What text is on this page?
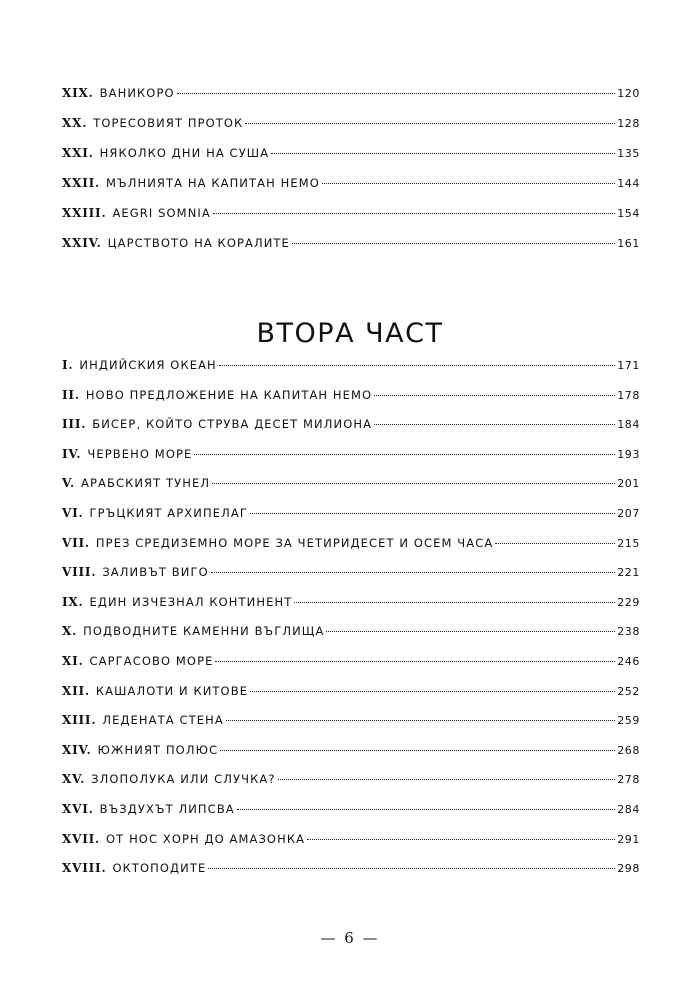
XIX. ВАНИКОРО	120
XX. ТОРЕСОВИЯТ ПРОТОК	128
XXI. НЯКОЛКО ДНИ НА СУША	135
XXII. МЪЛНИЯТА НА КАПИТАН НЕМО	144
XXIII. AEGRI SOMNIA	154
XXIV. ЦАРСТВОТО НА КОРАЛИТЕ	161
ВТОРА ЧАСТ
I. ИНДИЙСКИЯ ОКЕАН	171
II. НОВО ПРЕДЛОЖЕНИЕ НА КАПИТАН НЕМО	178
III. БИСЕР, КОЙТО СТРУВА ДЕСЕТ МИЛИОНА	184
IV. ЧЕРВЕНО МОРЕ	193
V. АРАБСКИЯТ ТУНЕЛ	201
VI. ГРЪЦКИЯТ АРХИПЕЛАГ	207
VII. ПРЕЗ СРЕДИЗЕМНО МОРЕ ЗА ЧЕТИРИДЕСЕТ И ОСЕМ ЧАСА	215
VIII. ЗАЛИВЪТ ВИГО	221
IX. ЕДИН ИЗЧЕЗНАЛ КОНТИНЕНТ	229
X. ПОДВОДНИТЕ КАМЕННИ ВЪГЛИЩА	238
XI. САРГАСОВО МОРЕ	246
XII. КАШАЛОТИ И КИТОВЕ	252
XIII. ЛЕДЕНАТА СТЕНА	259
XIV. ЮЖНИЯТ ПОЛЮС	268
XV. ЗЛОПОЛУКА ИЛИ СЛУЧКА?	278
XVI. ВЪЗДУХЪТ ЛИПСВА	284
XVII. ОТ НОС ХОРН ДО АМАЗОНКА	291
XVIII. ОКТОПОДИТЕ	298
— 6 —
